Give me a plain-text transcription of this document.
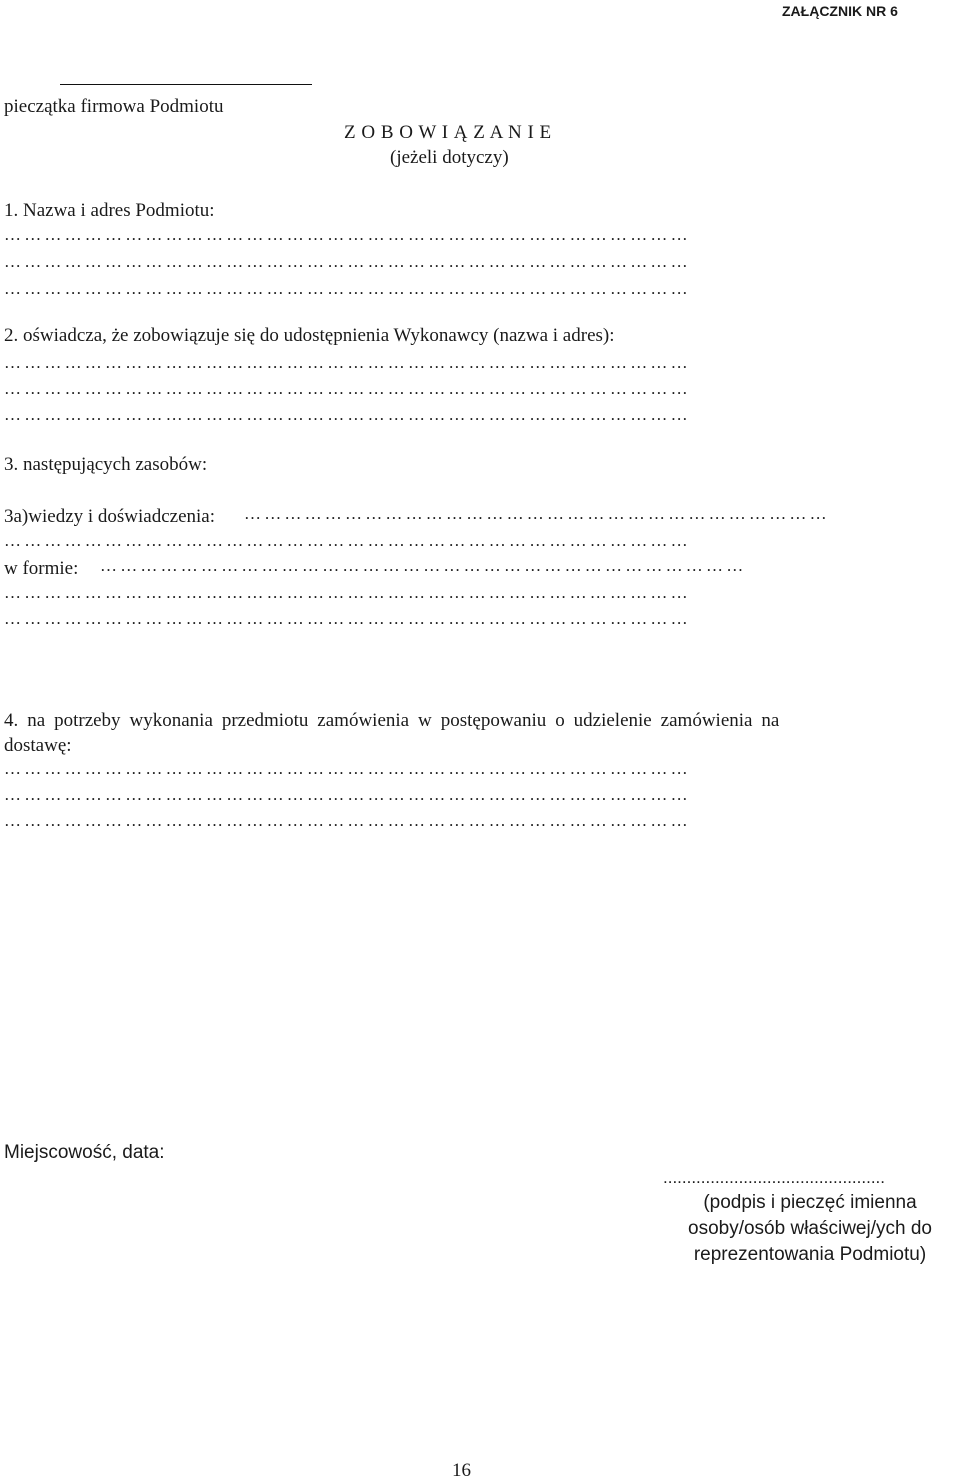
ZAŁĄCZNIK NR 6
pieczątka firmowa Podmiotu
Z O B O W I Ą Z A N I E
(jeżeli dotyczy)
1. Nazwa i adres Podmiotu:
…………………………………………………………………………………………
…………………………………………………………………………………………
…………………………………………………………………………………………
2. oświadcza, że zobowiązuje się do udostępnienia Wykonawcy (nazwa i adres):
…………………………………………………………………………………………
…………………………………………………………………………………………
…………………………………………………………………………………………
3. następujących zasobów:
3a)wiedzy i doświadczenia: ……………………………………………………………………………
…………………………………………………………………………………………
w formie: ……………………………………………………………………………………
…………………………………………………………………………………………
…………………………………………………………………………………………
4. na potrzeby wykonania przedmiotu zamówienia w postępowaniu o udzielenie zamówienia na
dostawę:
…………………………………………………………………………………………
…………………………………………………………………………………………
…………………………………………………………………………………………
Miejscowość, data:
...............................................
(podpis i pieczęć imienna
osoby/osób właściwej/ych do
reprezentowania Podmiotu)
16
